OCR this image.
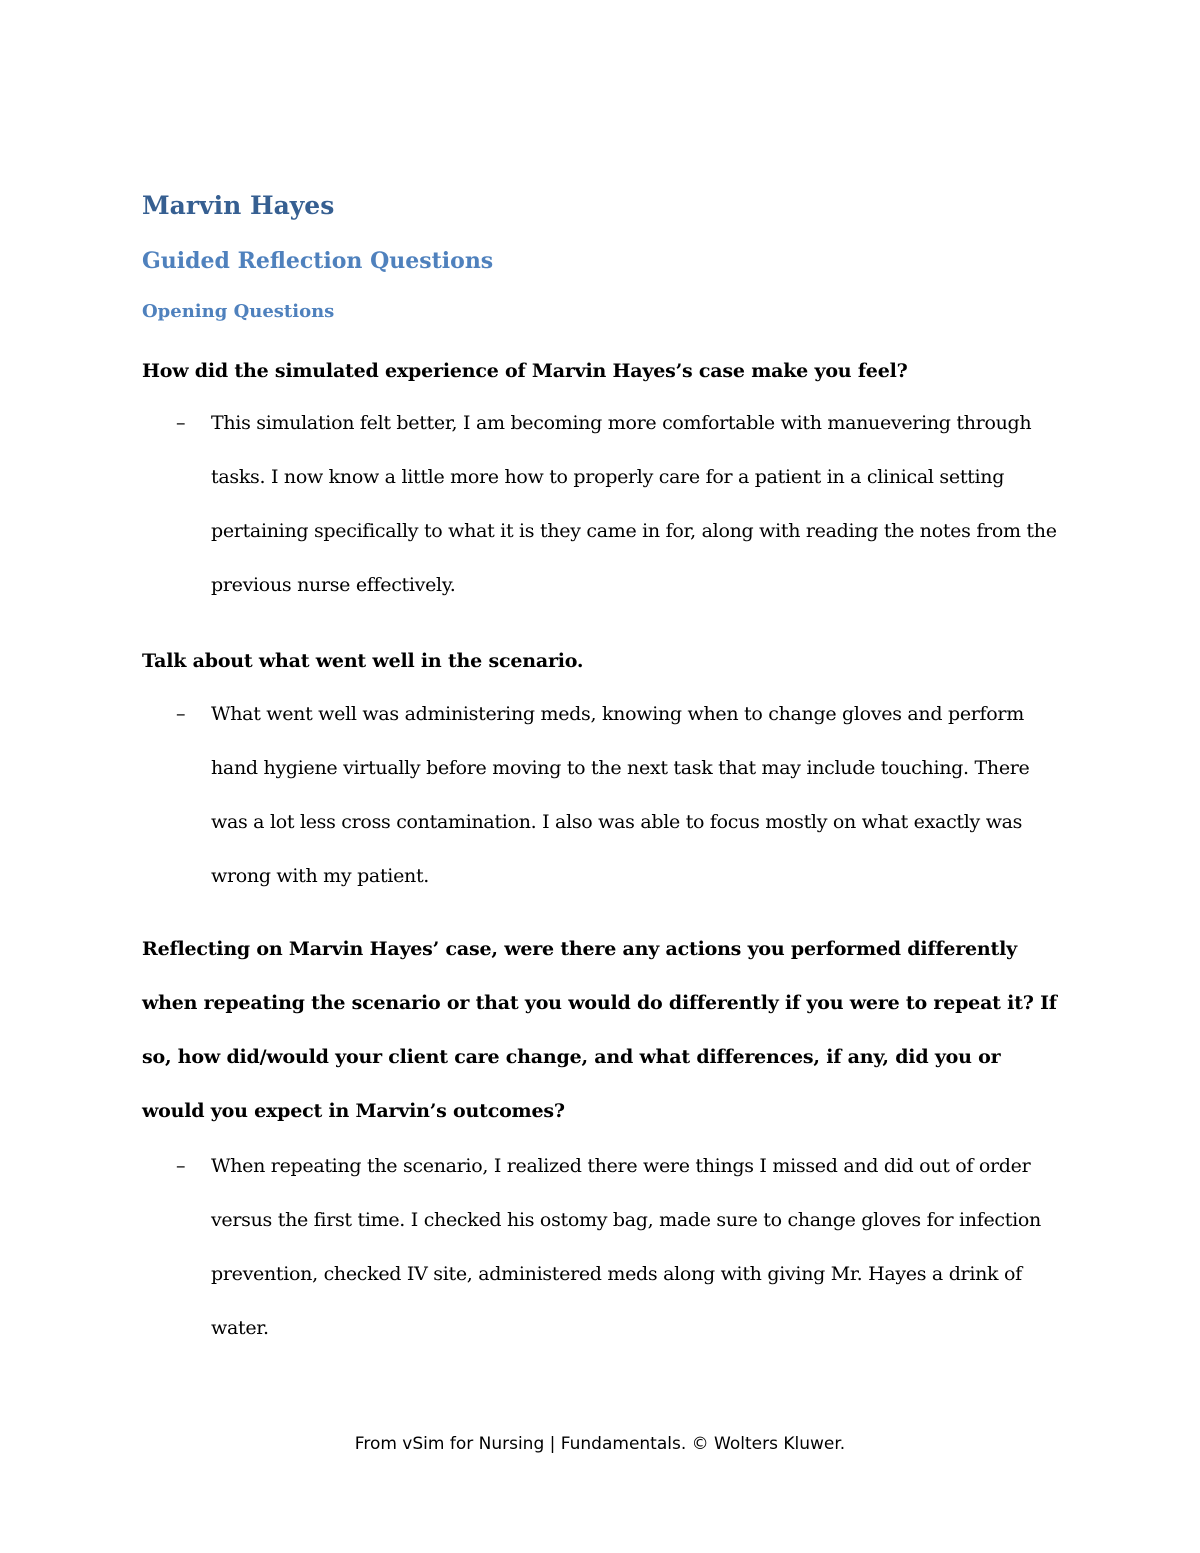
Marvin Hayes
Guided Reflection Questions
Opening Questions

How did the simulated experience of Marvin Hayes’s case make you feel?

– This simulation felt better, I am becoming more comfortable with manuevering through tasks. I now know a little more how to properly care for a patient in a clinical setting pertaining specifically to what it is they came in for, along with reading the notes from the previous nurse effectively.

Talk about what went well in the scenario.

– What went well was administering meds, knowing when to change gloves and perform hand hygiene virtually before moving to the next task that may include touching. There was a lot less cross contamination. I also was able to focus mostly on what exactly was wrong with my patient.

Reflecting on Marvin Hayes’ case, were there any actions you performed differently when repeating the scenario or that you would do differently if you were to repeat it? If so, how did/would your client care change, and what differences, if any, did you or would you expect in Marvin’s outcomes?

– When repeating the scenario, I realized there were things I missed and did out of order versus the first time. I checked his ostomy bag, made sure to change gloves for infection prevention, checked IV site, administered meds along with giving Mr. Hayes a drink of water.

From vSim for Nursing | Fundamentals. © Wolters Kluwer.
